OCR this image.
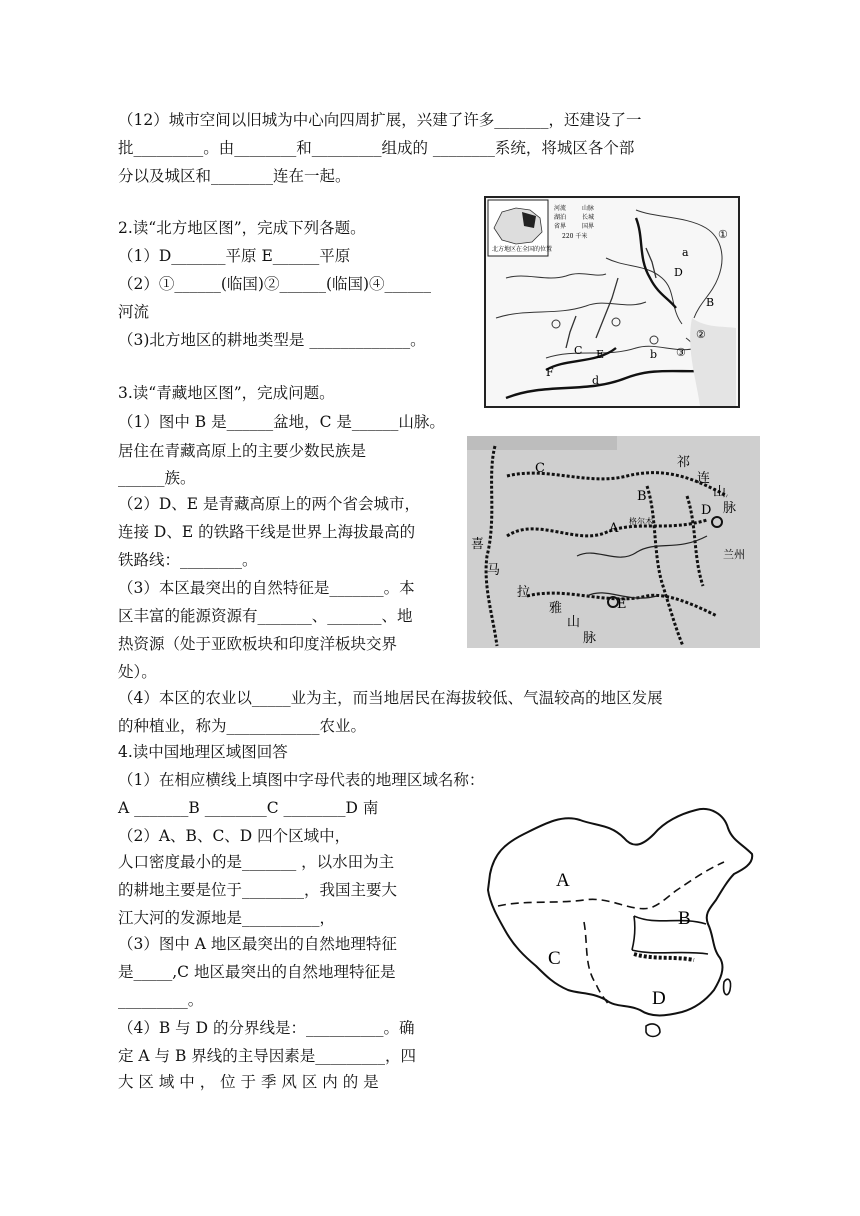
（12）城市空间以旧城为中心向四周扩展，兴建了许多_______，还建设了一
批_________。由________和_________组成的 ________系统，将城区各个部
分以及城区和________连在一起。
2.读“北方地区图”，完成下列各题。
（1）D_______平原 E______平原
（2）①______(临国)②______(临国)④______
河流
（3)北方地区的耕地类型是 _____________。
3.读“青藏地区图”，完成问题。
（1）图中 B 是______盆地，C 是______山脉。
居住在青藏高原上的主要少数民族是
______族。
（2）D、E 是青藏高原上的两个省会城市，
连接 D、E 的铁路干线是世界上海拔最高的
铁路线：________。
（3）本区最突出的自然特征是_______。本
区丰富的能源资源有_______、_______、地
热资源（处于亚欧板块和印度洋板块交界
处）。
（4）本区的农业以_____业为主，而当地居民在海拔较低、气温较高的地区发展
的种植业，称为____________农业。
4.读中国地理区域图回答
（1）在相应横线上填图中字母代表的地理区域名称：
A _______B ________C ________D 南
（2）A、B、C、D 四个区域中，
人口密度最小的是_______ ，以水田为主
的耕地主要是位于________，我国主要大
江大河的发源地是__________，
（3）图中 A 地区最突出的自然地理特征
是_____,C 地区最突出的自然地理特征是
_________。
（4）B 与 D 的分界线是：__________。确
定 A 与 B 界线的主导因素是_________，四
大 区 域 中 ， 位 于 季 风 区 内 的 是
北方地区 在全国的位置
河流
湖泊
省界
山脉
长城
国界
220 千米	①
a
D
B
②
③
C E
F
b
d
C
B
A
D
E
祁
连
山
脉
兰州
格尔木
喜
马
拉
雅
山
脉
A
B
C
D
